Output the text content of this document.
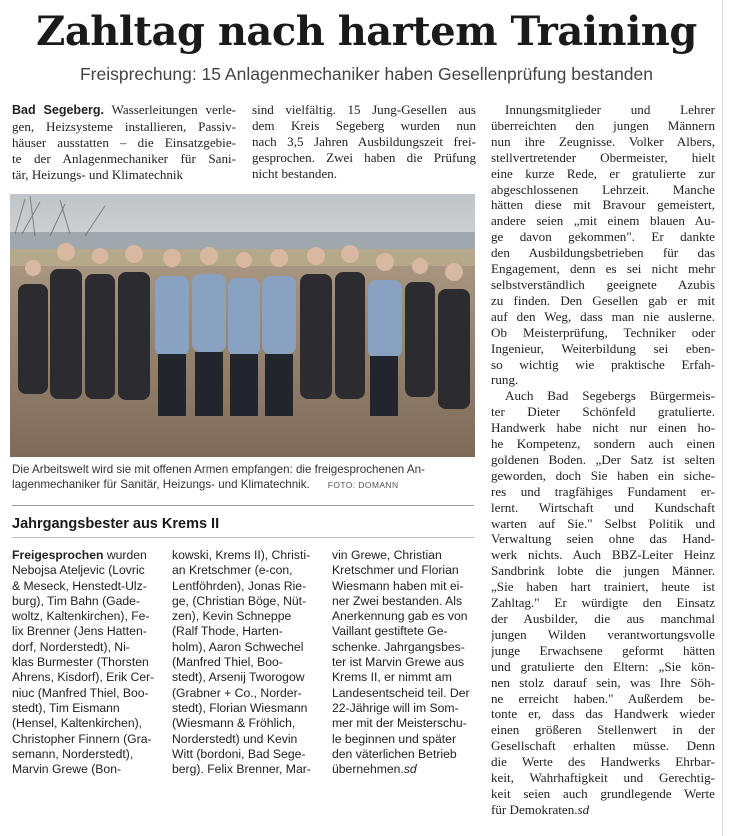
Zahltag nach hartem Training
Freisprechung: 15 Anlagenmechaniker haben Gesellenprüfung bestanden
Bad Segeberg. Wasserleitungen verle-
gen, Heizsysteme installieren, Passiv-
häuser ausstatten – die Einsatzgebie-
te der Anlagenmechaniker für Sani-
tär, Heizungs- und Klimatechnik
sind vielfältig. 15 Jung-Gesellen aus
dem Kreis Segeberg wurden nun
nach 3,5 Jahren Ausbildungszeit frei-
gesprochen. Zwei haben die Prüfung
nicht bestanden.
Innungsmitglieder und Lehrer
überreichten den jungen Männern
nun ihre Zeugnisse. Volker Albers,
stellvertretender Obermeister, hielt
eine kurze Rede, er gratulierte zur
abgeschlossenen Lehrzeit. Manche
hätten diese mit Bravour gemeistert,
andere seien „mit einem blauen Au-
ge davon gekommen". Er dankte
den Ausbildungsbetrieben für das
Engagement, denn es sei nicht mehr
selbstverständlich geeignete Azubis
zu finden. Den Gesellen gab er mit
auf den Weg, dass man nie auslerne.
Ob Meisterprüfung, Techniker oder
Ingenieur, Weiterbildung sei eben-
so wichtig wie praktische Erfah-
rung.
Auch Bad Segebergs Bürgermeis-
ter Dieter Schönfeld gratulierte.
Handwerk habe nicht nur einen ho-
he Kompetenz, sondern auch einen
goldenen Boden. „Der Satz ist selten
geworden, doch Sie haben ein siche-
res und tragfähiges Fundament er-
lernt. Wirtschaft und Kundschaft
warten auf Sie." Selbst Politik und
Verwaltung seien ohne das Hand-
werk nichts. Auch BBZ-Leiter Heinz
Sandbrink lobte die jungen Männer.
„Sie haben hart trainiert, heute ist
Zahltag." Er würdigte den Einsatz
der Ausbilder, die aus manchmal
jungen Wilden verantwortungsvolle
junge Erwachsene geformt hätten
und gratulierte den Eltern: „Sie kön-
nen stolz darauf sein, was Ihre Söh-
ne erreicht haben." Außerdem be-
tonte er, dass das Handwerk wieder
einen größeren Stellenwert in der
Gesellschaft erhalten müsse. Denn
die Werte des Handwerks Ehrbar-
keit, Wahrhaftigkeit und Gerechtig-
keit seien auch grundlegende Werte
für Demokraten.sd
Die Arbeitswelt wird sie mit offenen Armen empfangen: die freigesprochenen An-
lagenmechaniker für Sanitär, Heizungs- und Klimatechnik. FOTO: DOMANN
Jahrgangsbester aus Krems II
Freigesprochen wurden
Nebojsa Ateljevic (Lovric
& Meseck, Henstedt-Ulz-
burg), Tim Bahn (Gade-
woltz, Kaltenkirchen), Fe-
lix Brenner (Jens Hatten-
dorf, Norderstedt), Ni-
klas Burmester (Thorsten
Ahrens, Kisdorf), Erik Cer-
niuc (Manfred Thiel, Boo-
stedt), Tim Eismann
(Hensel, Kaltenkirchen),
Christopher Finnern (Gra-
semann, Norderstedt),
Marvin Grewe (Bon-
kowski, Krems II), Christi-
an Kretschmer (e-con,
Lentföhrden), Jonas Rie-
ge, (Christian Böge, Nüt-
zen), Kevin Schneppe
(Ralf Thode, Harten-
holm), Aaron Schwechel
(Manfred Thiel, Boo-
stedt), Arsenij Tworogow
(Grabner + Co., Norder-
stedt), Florian Wiesmann
(Wiesmann & Fröhlich,
Norderstedt) und Kevin
Witt (bordoni, Bad Sege-
berg). Felix Brenner, Mar-
vin Grewe, Christian
Kretschmer und Florian
Wiesmann haben mit ei-
ner Zwei bestanden. Als
Anerkennung gab es von
Vaillant gestiftete Ge-
schenke. Jahrgangsbes-
ter ist Marvin Grewe aus
Krems II, er nimmt am
Landesentscheid teil. Der
22-Jährige will im Som-
mer mit der Meisterschu-
le beginnen und später
den väterlichen Betrieb
übernehmen.sd
